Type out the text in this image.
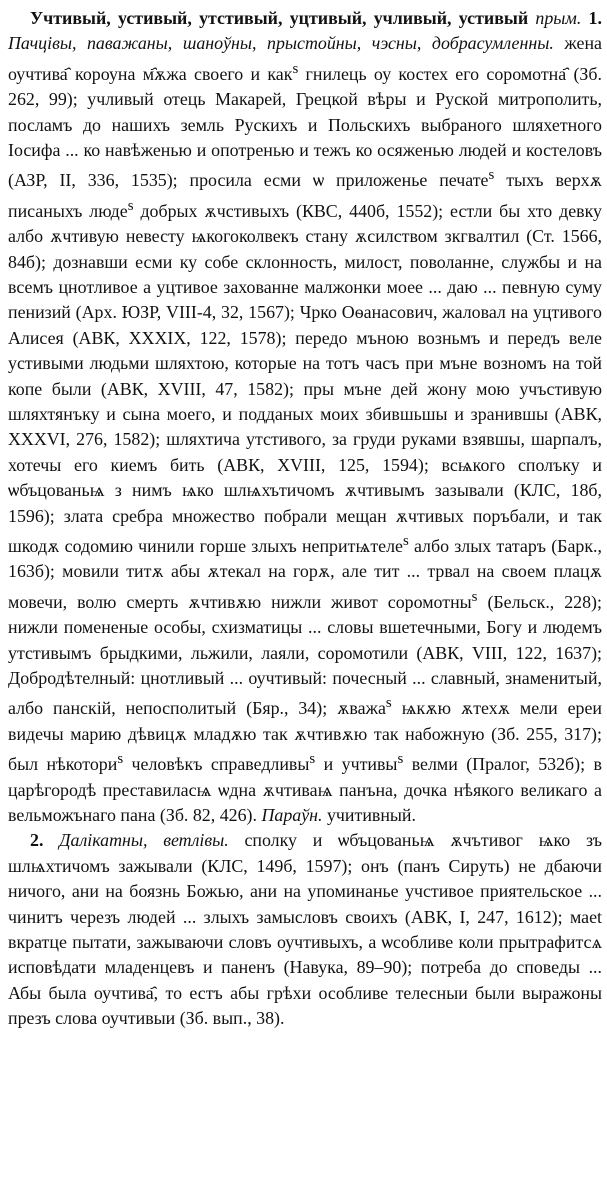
Учтивый, устивый, утстивый, уцтивый, учливый, устивый прым. 1. Пачцівы, паважаны, шаноўны, прыстойны, чэсны, добрасумленны. жена оучтива҄ короуна м҄ѫжа своего и как$^ѕ$ гнилець оу костех его соромотна҄ (Зб. 262, 99); учливый отець Макарей, Грецкой вѣры и Руской митрополить, посламъ до нашихъ земль Рускихъ и Польскихъ выбраного шляхетного Іосифа ... ко навѣженью и опотренью и тежъ ко осяженью людей и костеловъ (АЗР, II, 336, 1535); просила есми ѡ приложенье печате$^ѕ$ тыхъ верхѫ писаныхъ люде$^ѕ$ добрых ѫчстивыхъ (КВС, 440б, 1552); естли бы хто девку албо ѫчтивую невесту ѩкогоколвекъ стану ѫсилством зкгвалтил (Ст. 1566, 84б); дознавши есми ку собе склонность, милост, поволанне, службы и на всемъ цнотливое а уцтивое захованне малжонки моее ... даю ... певную суму пенизий (Арх. ЮЗР, VIII-4, 32, 1567); Чрко Оѳанасович, жаловал на уцтивого Алисея (АВК, XXXIX, 122, 1578); передо мъною возньмъ и передъ веле устивыми людьми шляхтою, которые на тотъ часъ при мънe возномъ на той копе были (АВК, XVIII, 47, 1582); пры мъне дей жону мою учъстивую шляхтянъку и сына моего, и подданых моих збившьшы и зранившы (АВК, XXXVI, 276, 1582); шляхтича утстивого, за груди руками взявшы, шарпалъ, хотечы его киемъ бить (АВК, XVIII, 125, 1594); всѩкого сполъку и ѡбъцованьѩ з нимъ ѩко шлѩхътичомъ ѫчтивымъ зазывали (КЛС, 18б, 1596); злата сребра множество побрали мещан ѫчтивых поръбали, и так шкодѫ содомию чинили горше злыхъ непритѩтеле$^ѕ$ албо злых татаръ (Барк., 163б); мовили титѫ абы ѫтекал на горѫ, але тит ... трвал на своем плацѫ мовечи, волю смерть ѫчтивѫю нижли живот соромотны$^ѕ$ (Бельск., 228); нижли помененые особы, схизматицы ... словы вшетечными, Богу и людемъ утстивымъ брыдкими, льжили, лаяли, соромотили (АВК, VIII, 122, 1637); Добродѣтелный: цнотливый ... оучтивый: почесный ... славный, знаменитый, албо панскій, непосполитый (Бяр., 34); ѫважа$^ѕ$ ѩкѫю ѫтехѫ мели ереи видечы марию дѣвицѫ младѫю так ѫчтивѫю так набожную (Зб. 255, 317); был нѣкотори$^ѕ$ человѣкъ справедливы$^ѕ$ и учтивы$^ѕ$ велми (Пралог, 532б); в царѣгородѣ преставиласѩ ѡдна ѫчтиваѩ панъна, дочка нѣякого великаго а вельможънаго пана (Зб. 82, 426). Параўн. учитивный.

2. Далікатны, ветлівы. сполку и ѡбъцованьѩ ѫчътивог ѩко зъ шлѩхтичомъ зажывали (КЛС, 149б, 1597); онъ (панъ Сируть) не дбаючи ничого, ани на боязнь Божью, ани на упоминанье учстивое приятельское ... чинитъ черезъ людей ... злыхъ замысловъ своихъ (АВК, I, 247, 1612); маеt вкратце пытати, зажываючи словъ оучтивыхъ, а ѡсобливе коли прытрафитсѧ исповѣдати младенцевъ и паненъ (Навука, 89–90); потреба до споведы ... Абы была оучтива҄, то естъ абы грѣхи особливе телесныи были выражоны презъ слова оучтивыи (Зб. вып., 38).
